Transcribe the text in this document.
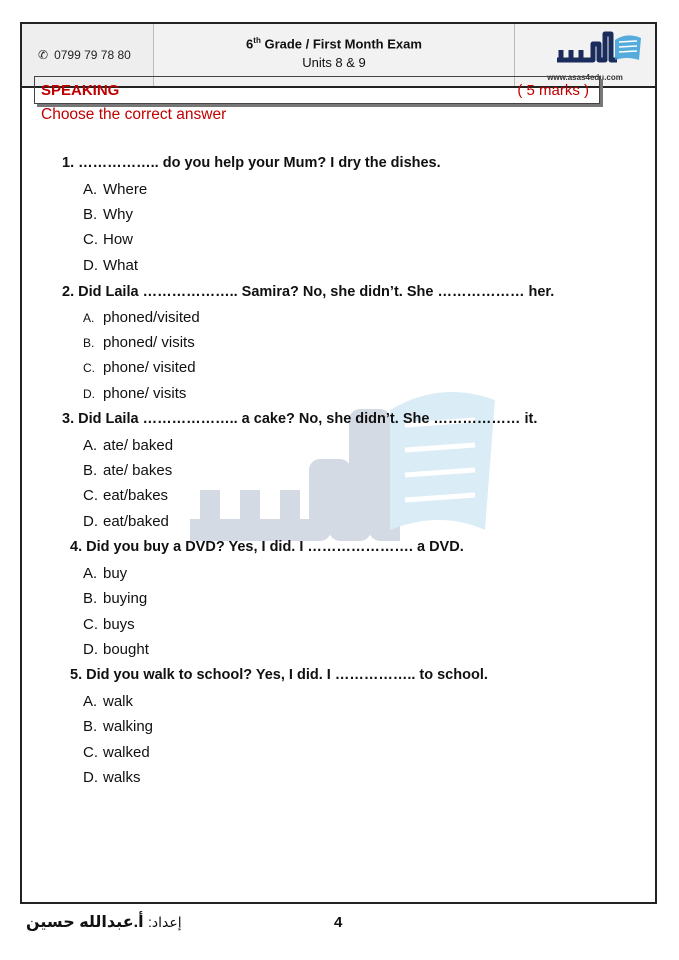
✆ 0799 79 78 80
6th Grade / First Month Exam
Units 8 & 9
www.asas4edu.com
SPEAKING	( 5 marks )
Choose the correct answer
1. …………….. do you help your Mum? I dry the dishes.
A. Where
B. Why
C. How
D. What
2. Did Laila ……………….. Samira? No, she didn’t. She ……………… her.
A. phoned/visited
B. phoned/ visits
C. phone/ visited
D. phone/ visits
3. Did Laila ……………….. a cake? No, she didn’t. She ……………… it.
A. ate/ baked
B. ate/ bakes
C. eat/bakes
D. eat/baked
4. Did you buy a DVD? Yes, I did. I …………………. a DVD.
A. buy
B. buying
C. buys
D. bought
5. Did you walk to school? Yes, I did. I …………….. to school.
A. walk
B. walking
C. walked
D. walks
إعداد: أ.عبدالله حسين	4
